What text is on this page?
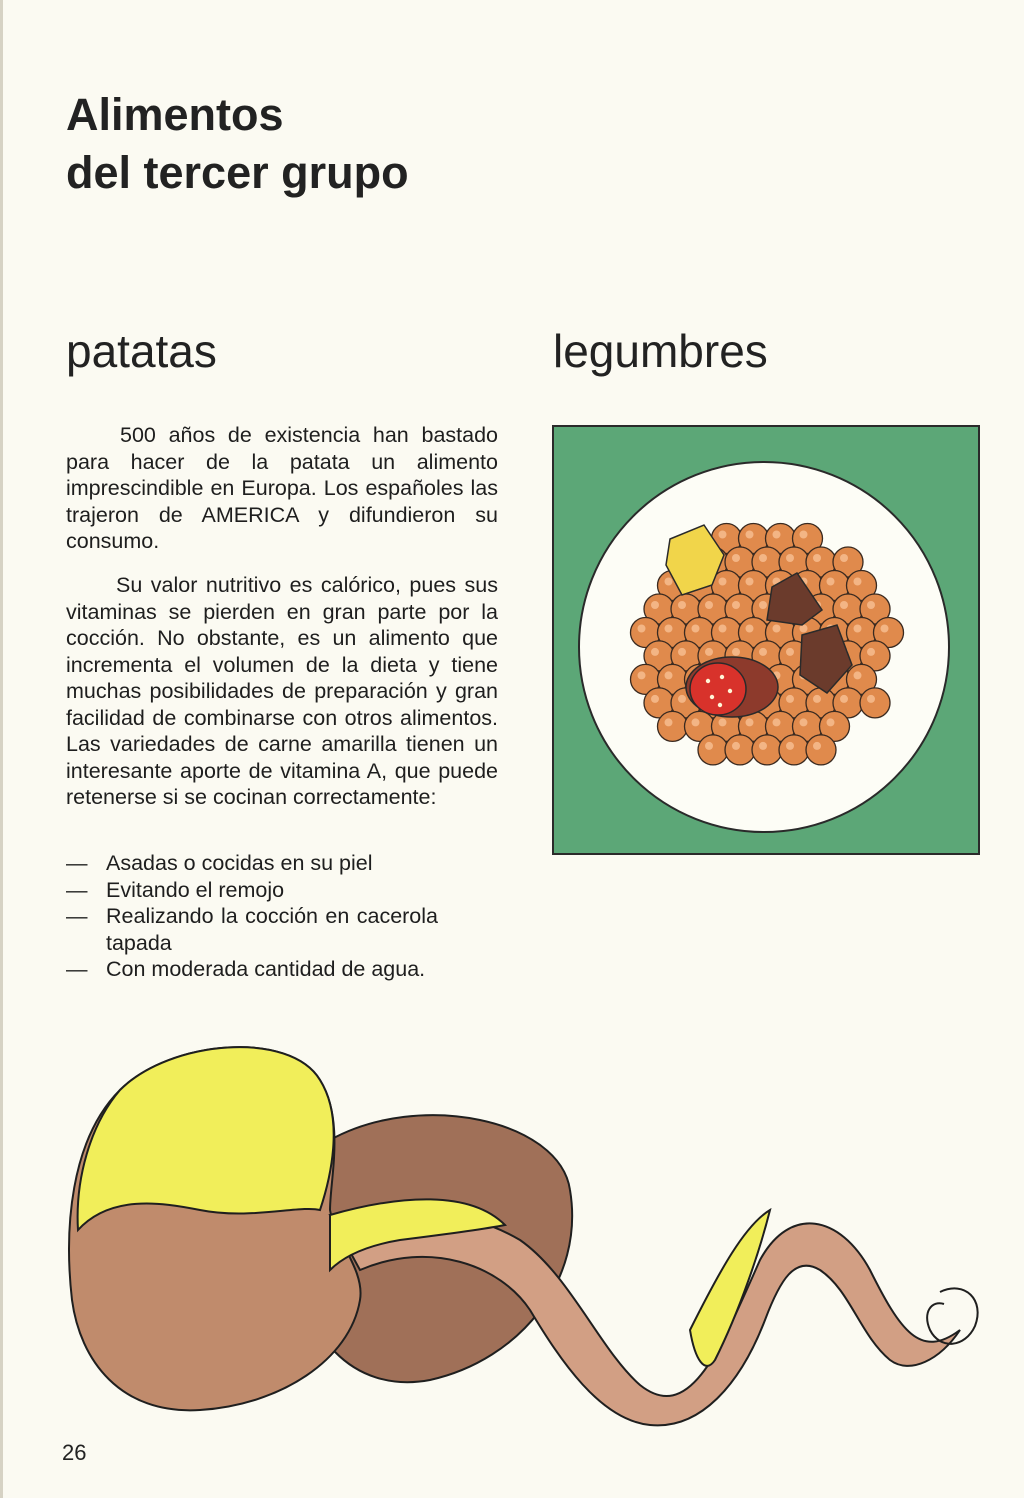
Alimentos
del tercer grupo
patatas	legumbres

500 años de existencia han bastado para hacer de la patata un alimento imprescindible en Europa. Los españoles las trajeron de AMERICA y difundieron su consumo.

Su valor nutritivo es calórico, pues sus vitaminas se pierden en gran parte por la cocción. No obstante, es un alimento que incrementa el volumen de la dieta y tiene muchas posibilidades de preparación y gran facilidad de combinarse con otros alimentos. Las variedades de carne amarilla tienen un interesante aporte de vitamina A, que puede retenerse si se cocinan correctamente:

— Asadas o cocidas en su piel
— Evitando el remojo
— Realizando la cocción en cacerola tapada
— Con moderada cantidad de agua.
26
